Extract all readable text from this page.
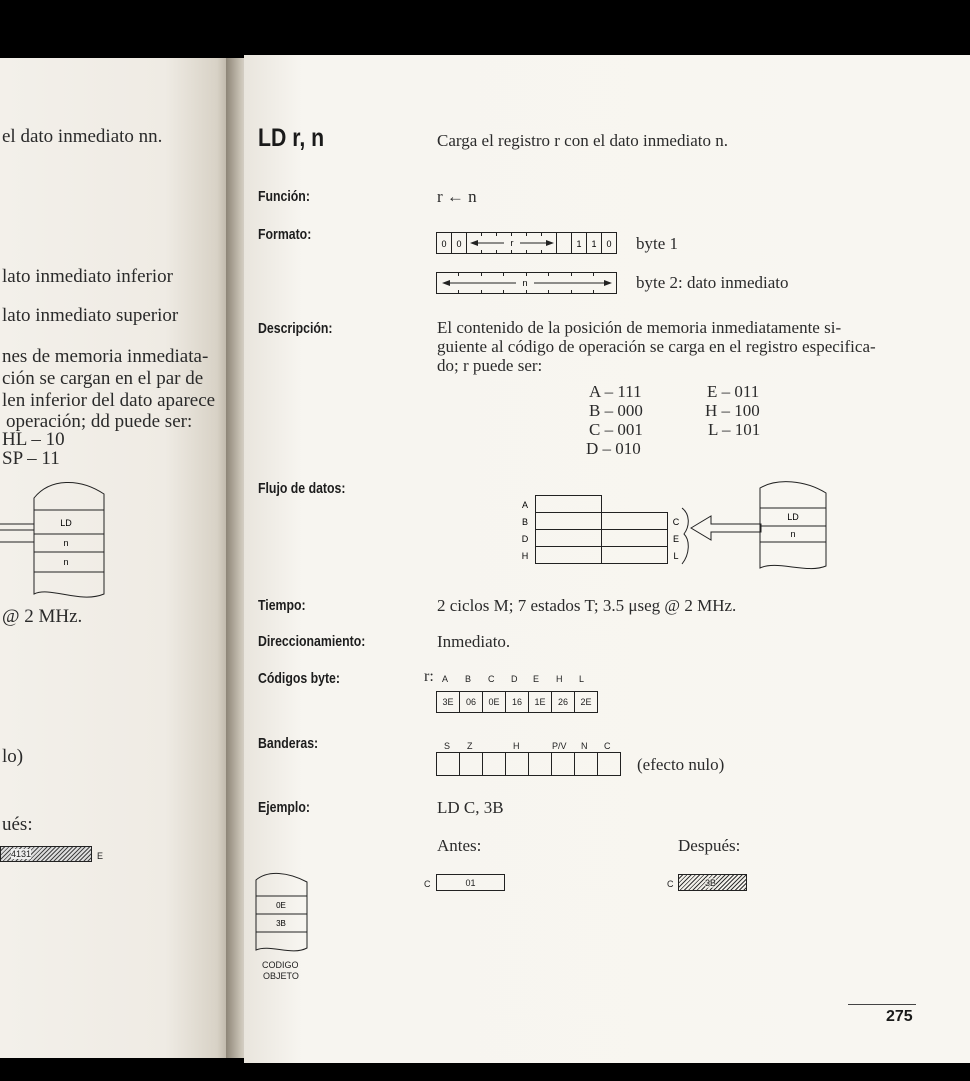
el dato inmediato nn.
lato inmediato inferior
lato inmediato superior
nes de memoria inmediata-
ción se cargan en el par de
len inferior del dato aparece
operación; dd puede ser:
HL – 10
SP – 11
LD
n
n
@ 2 MHz.
lo)
ués:
4131	E
LD r, n	Carga el registro r con el dato inmediato n.
Función:	r ← n
Formato:
0 0	r	1 1 0
n
byte 1
byte 2: dato inmediato
Descripción:	El contenido de la posición de memoria inmediatamente si-
guiente al código de operación se carga en el registro especifica-
do; r puede ser:
A – 111
B – 000
C – 001
D – 010
E – 011
H – 100
L – 101
Flujo de datos:
A
B
D
H
C
E
L
LD
n
Tiempo:	2 ciclos M; 7 estados T; 3.5 μseg @ 2 MHz.
Direccionamiento:	Inmediato.
Códigos byte:	r: A B C D E H L
3E	06	0E	16	1E	26	2E
Banderas:	S Z	H	P/V N C
(efecto nulo)
Ejemplo:	LD C, 3B
Antes:	Después:
C	01	C	3B
0E
3B
CODIGO
OBJETO
275
